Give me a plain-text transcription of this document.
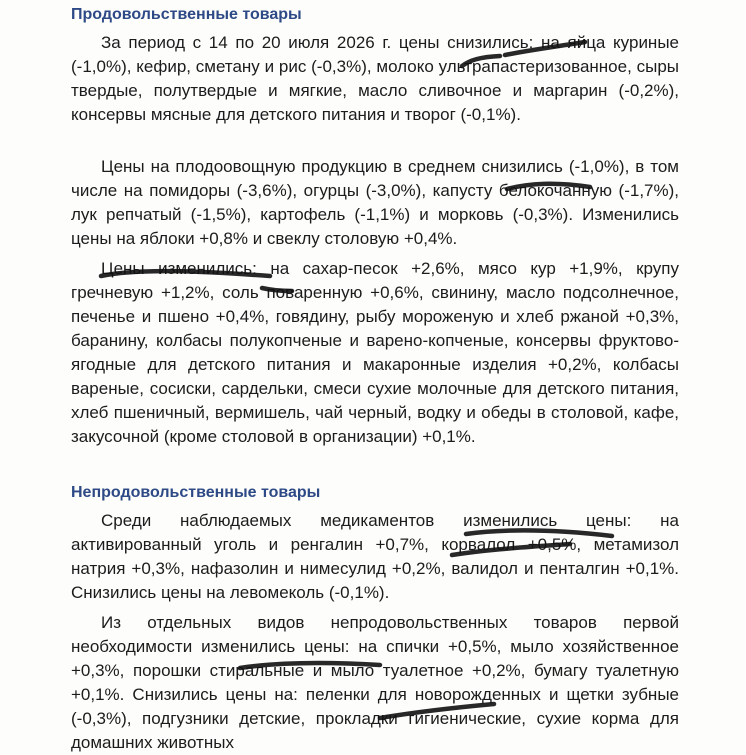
Продовольственные товары

За период с 14 по 20 июля 2026 г. цены снизились: на яйца куриные (-1,0%), кефир, сметану и рис (-0,3%), молоко ультрапастеризованное, сыры твердые, полутвердые и мягкие, масло сливочное и маргарин (-0,2%), консервы мясные для детского питания и творог (-0,1%).

Цены на плодоовощную продукцию в среднем снизились (-1,0%), в том числе на помидоры (-3,6%), огурцы (-3,0%), капусту белокочанную (-1,7%), лук репчатый (-1,5%), картофель (-1,1%) и морковь (-0,3%). Изменились цены на яблоки +0,8% и свеклу столовую +0,4%.

Цены изменились: на сахар-песок +2,6%, мясо кур +1,9%, крупу гречневую +1,2%, соль поваренную +0,6%, свинину, масло подсолнечное, печенье и пшено +0,4%, говядину, рыбу мороженую и хлеб ржаной +0,3%, баранину, колбасы полукопченые и варено-копченые, консервы фруктово-ягодные для детского питания и макаронные изделия +0,2%, колбасы вареные, сосиски, сардельки, смеси сухие молочные для детского питания, хлеб пшеничный, вермишель, чай черный, водку и обеды в столовой, кафе, закусочной (кроме столовой в организации) +0,1%.

Непродовольственные товары

Среди наблюдаемых медикаментов изменились цены: на активированный уголь и ренгалин +0,7%, корвалол +0,5%, метамизол натрия +0,3%, нафазолин и нимесулид +0,2%, валидол и пенталгин +0,1%. Снизились цены на левомеколь (-0,1%).

Из отдельных видов непродовольственных товаров первой необходимости изменились цены: на спички +0,5%, мыло хозяйственное +0,3%, порошки стиральные и мыло туалетное +0,2%, бумагу туалетную +0,1%. Снизились цены на: пеленки для новорожденных и щетки зубные (-0,3%), подгузники детские, прокладки гигиенические, сухие корма для домашних животных
